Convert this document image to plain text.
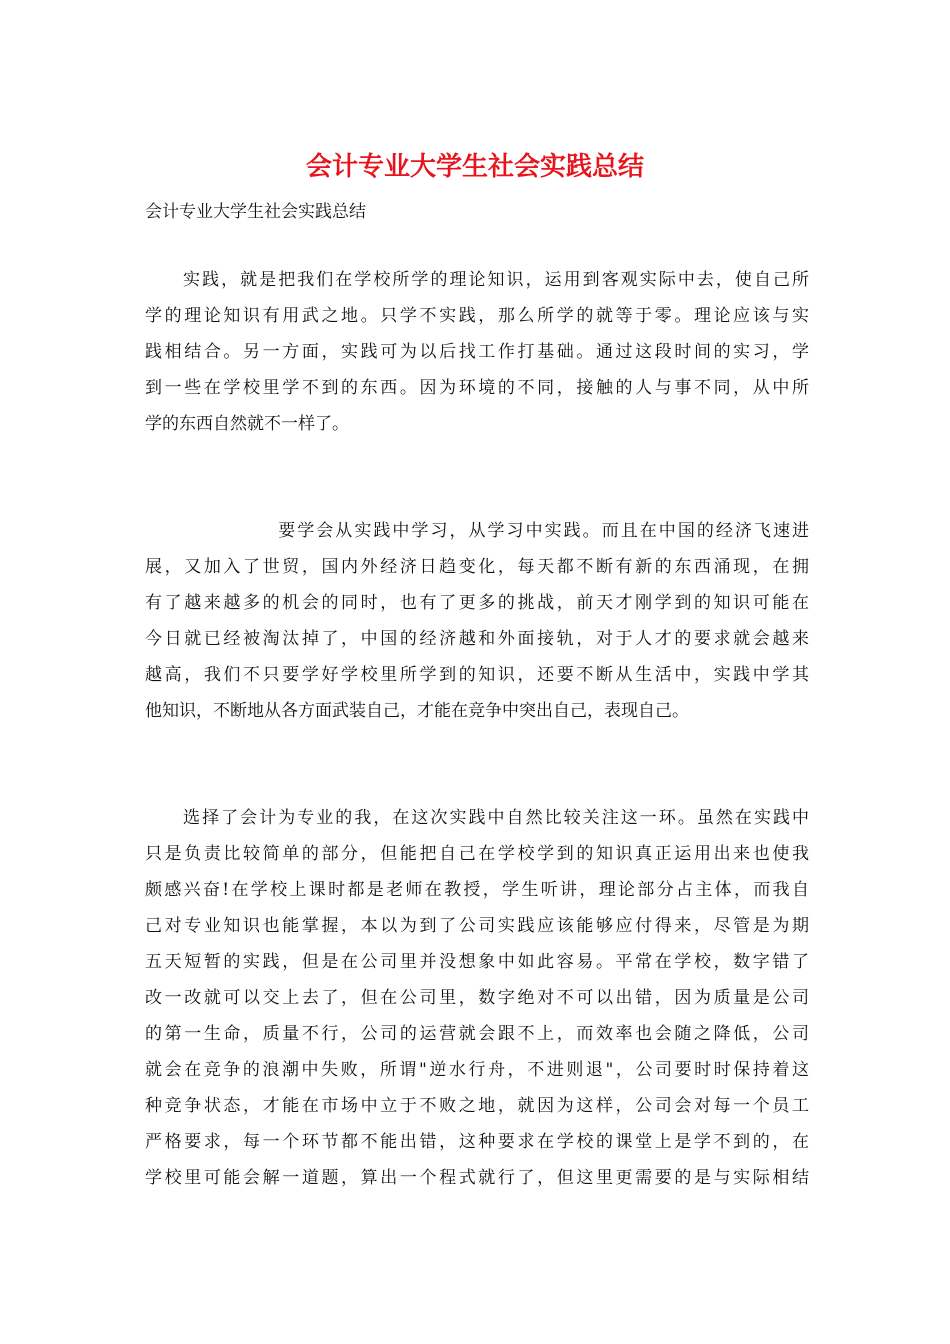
会计专业大学生社会实践总结

会计专业大学生社会实践总结

　　实践，就是把我们在学校所学的理论知识，运用到客观实际中去，使自己所
学的理论知识有用武之地。只学不实践，那么所学的就等于零。理论应该与实
践相结合。另一方面，实践可为以后找工作打基础。通过这段时间的实习，学
到一些在学校里学不到的东西。因为环境的不同，接触的人与事不同，从中所
学的东西自然就不一样了。
　　　　　　　要学会从实践中学习，从学习中实践。而且在中国的经济飞速进
展，又加入了世贸，国内外经济日趋变化，每天都不断有新的东西涌现，在拥
有了越来越多的机会的同时，也有了更多的挑战，前天才刚学到的知识可能在
今日就已经被淘汰掉了，中国的经济越和外面接轨，对于人才的要求就会越来
越高，我们不只要学好学校里所学到的知识，还要不断从生活中，实践中学其
他知识，不断地从各方面武装自己，才能在竞争中突出自己，表现自己。
　　选择了会计为专业的我，在这次实践中自然比较关注这一环。虽然在实践中
只是负责比较简单的部分，但能把自己在学校学到的知识真正运用出来也使我
颇感兴奋!在学校上课时都是老师在教授，学生听讲，理论部分占主体，而我自
己对专业知识也能掌握，本以为到了公司实践应该能够应付得来，尽管是为期
五天短暂的实践，但是在公司里并没想象中如此容易。平常在学校，数字错了
改一改就可以交上去了，但在公司里，数字绝对不可以出错，因为质量是公司
的第一生命，质量不行，公司的运营就会跟不上，而效率也会随之降低，公司
就会在竞争的浪潮中失败，所谓"逆水行舟，不进则退"，公司要时时保持着这
种竞争状态，才能在市场中立于不败之地，就因为这样，公司会对每一个员工
严格要求，每一个环节都不能出错，这种要求在学校的课堂上是学不到的，在
学校里可能会解一道题，算出一个程式就行了，但这里更需要的是与实际相结
